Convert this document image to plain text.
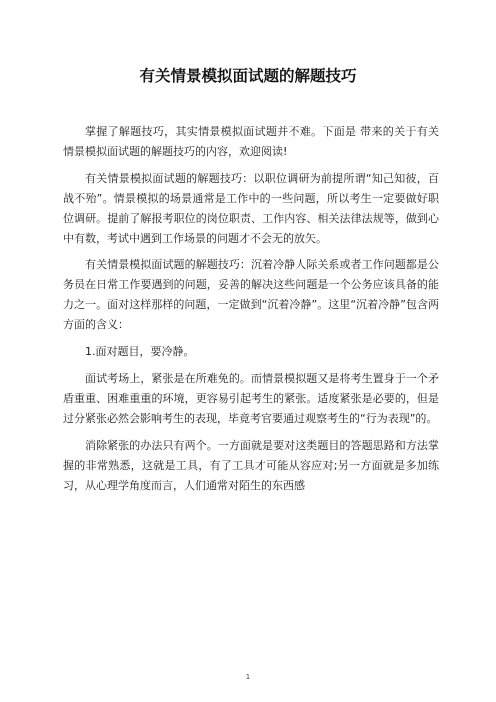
有关情景模拟面试题的解题技巧

掌握了解题技巧，其实情景模拟面试题并不难。下面是 带来的关于有关情景模拟面试题的解题技巧的内容，欢迎阅读!

有关情景模拟面试题的解题技巧：以职位调研为前提所谓“知己知彼，百战不殆”。情景模拟的场景通常是工作中的一些问题，所以考生一定要做好职位调研。提前了解报考职位的岗位职责、工作内容、相关法律法规等，做到心中有数，考试中遇到工作场景的问题才不会无的放矢。

有关情景模拟面试题的解题技巧：沉着冷静人际关系或者工作问题都是公务员在日常工作要遇到的问题，妥善的解决这些问题是一个公务应该具备的能力之一。面对这样那样的问题，一定做到“沉着冷静”。这里“沉着冷静”包含两方面的含义：

1.面对题目，要冷静。

面试考场上，紧张是在所难免的。而情景模拟题又是将考生置身于一个矛盾重重、困难重重的环境，更容易引起考生的紧张。适度紧张是必要的，但是过分紧张必然会影响考生的表现，毕竟考官要通过观察考生的“行为表现”的。

消除紧张的办法只有两个。一方面就是要对这类题目的答题思路和方法掌握的非常熟悉，这就是工具，有了工具才可能从容应对;另一方面就是多加练习，从心理学角度而言，人们通常对陌生的东西感

1
